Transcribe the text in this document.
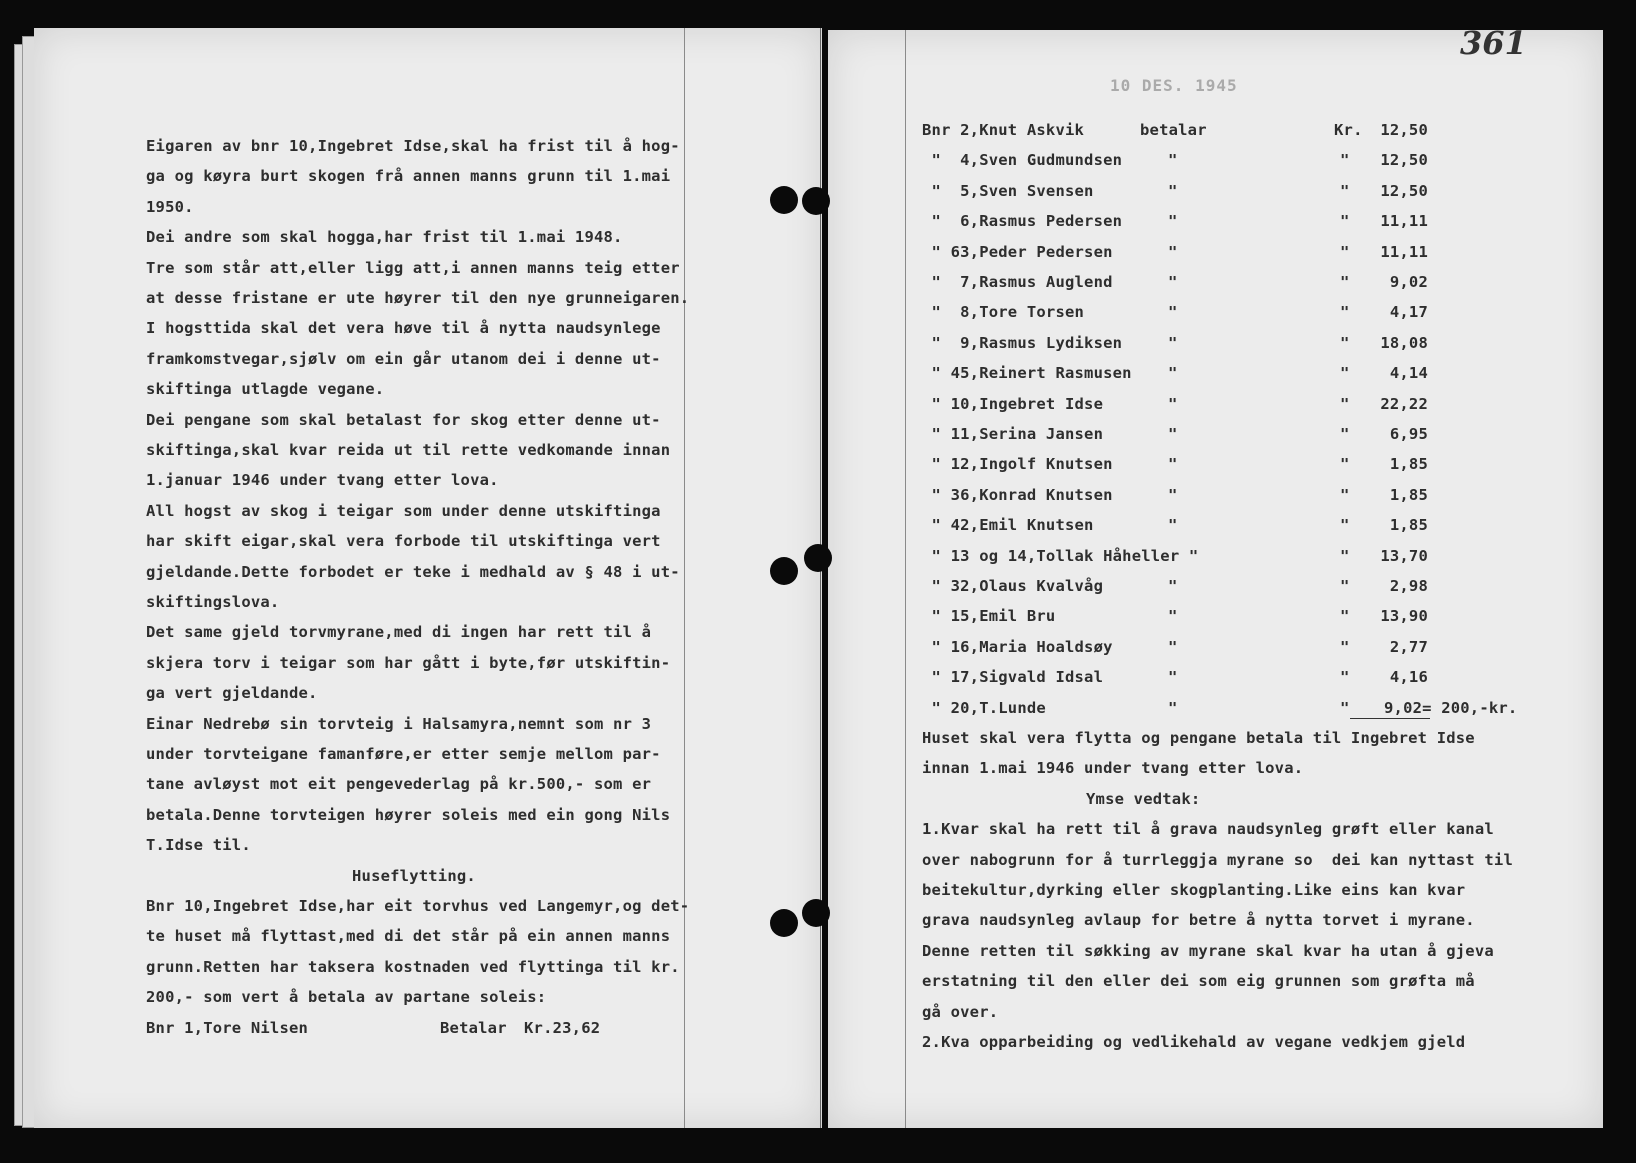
Eigaren av bnr 10,Ingebret Idse,skal ha frist til å hog-
ga og køyra burt skogen frå annen manns grunn til 1.mai
1950.
Dei andre som skal hogga,har frist til 1.mai 1948.
Tre som står att,eller ligg att,i annen manns teig etter
at desse fristane er ute høyrer til den nye grunneigaren.
I hogsttida skal det vera høve til å nytta naudsynlege
framkomstvegar,sjølv om ein går utanom dei i denne ut-
skiftinga utlagde vegane.
Dei pengane som skal betalast for skog etter denne ut-
skiftinga,skal kvar reida ut til rette vedkomande innan
1.januar 1946 under tvang etter lova.
All hogst av skog i teigar som under denne utskiftinga
har skift eigar,skal vera forbode til utskiftinga vert
gjeldande.Dette forbodet er teke i medhald av § 48 i ut-
skiftingslova.
Det same gjeld torvmyrane,med di ingen har rett til å
skjera torv i teigar som har gått i byte,før utskiftin-
ga vert gjeldande.
Einar Nedrebø sin torvteig i Halsamyra,nemnt som nr 3
under torvteigane famanføre,er etter semje mellom par-
tane avløyst mot eit pengevederlag på kr.500,- som er
betala.Denne torvteigen høyrer soleis med ein gong Nils
T.Idse til.
Huseflytting.
Bnr 10,Ingebret Idse,har eit torvhus ved Langemyr,og det-
te huset må flyttast,med di det står på ein annen manns
grunn.Retten har taksera kostnaden ved flyttinga til kr.
200,- som vert å betala av partane soleis:
Bnr 1,Tore Nilsen	Betalar Kr.23,62
10 DES. 1945
361
Bnr 2,Knut Askvik	betalar	Kr.	12,50
"  4,Sven Gudmundsen	"	"	12,50
"  5,Sven Svensen	"	"	12,50
"  6,Rasmus Pedersen	"	"	11,11
" 63,Peder Pedersen	"	"	11,11
"  7,Rasmus Auglend	"	"	9,02
"  8,Tore Torsen	"	"	4,17
"  9,Rasmus Lydiksen	"	"	18,08
" 45,Reinert Rasmusen "	"	4,14
" 10,Ingebret Idse	"	"	22,22
" 11,Serina Jansen	"	"	6,95
" 12,Ingolf Knutsen	"	"	1,85
" 36,Konrad Knutsen	"	"	1,85
" 42,Emil Knutsen	"	"	1,85
" 13 og 14,Tollak Håheller "	"	13,70
" 32,Olaus Kvalvåg	"	"	2,98
" 15,Emil Bru	"	"	13,90
" 16,Maria Hoaldsøy	"	"	2,77
" 17,Sigvald Idsal	"	"	4,16
" 20,T.Lunde	"	" 9,02= 200,-kr.
Huset skal vera flytta og pengane betala til Ingebret Idse
innan 1.mai 1946 under tvang etter lova.
Ymse vedtak:
1.Kvar skal ha rett til å grava naudsynleg grøft eller kanal
over nabogrunn for å turrleggja myrane so  dei kan nyttast til
beitekultur,dyrking eller skogplanting.Like eins kan kvar
grava naudsynleg avlaup for betre å nytta torvet i myrane.
Denne retten til søkking av myrane skal kvar ha utan å gjeva
erstatning til den eller dei som eig grunnen som grøfta må
gå over.
2.Kva opparbeiding og vedlikehald av vegane vedkjem gjeld
